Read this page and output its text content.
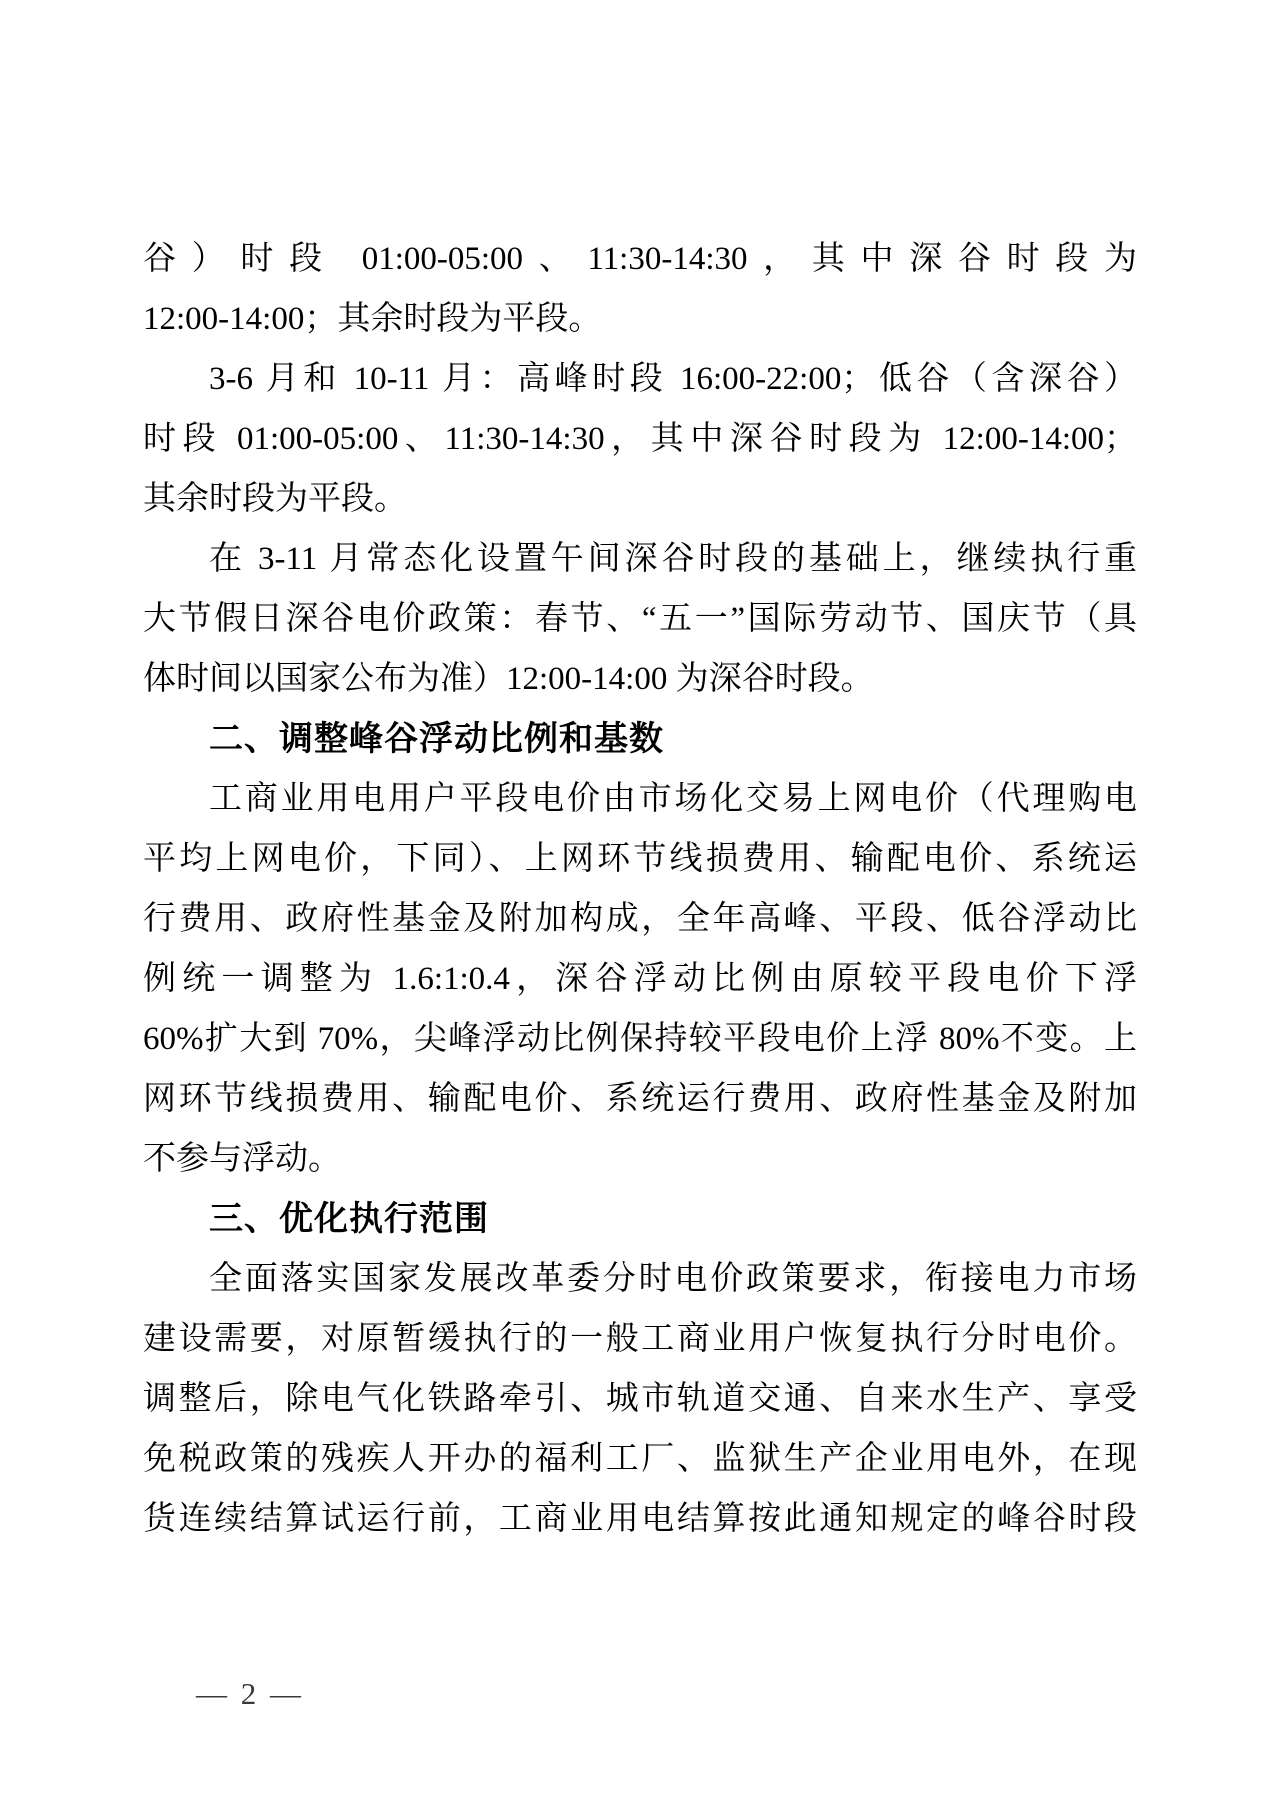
谷）时段 01:00-05:00、11:30-14:30，其中深谷时段为
12:00-14:00；其余时段为平段。
3-6 月和 10-11 月：高峰时段 16:00-22:00；低谷（含深谷）
时段 01:00-05:00、11:30-14:30，其中深谷时段为 12:00-14:00；
其余时段为平段。
在 3-11 月常态化设置午间深谷时段的基础上，继续执行重
大节假日深谷电价政策：春节、“五一”国际劳动节、国庆节（具
体时间以国家公布为准）12:00-14:00 为深谷时段。
二、调整峰谷浮动比例和基数
工商业用电用户平段电价由市场化交易上网电价（代理购电
平均上网电价，下同）、上网环节线损费用、输配电价、系统运
行费用、政府性基金及附加构成，全年高峰、平段、低谷浮动比
例统一调整为 1.6:1:0.4，深谷浮动比例由原较平段电价下浮
60%扩大到 70%，尖峰浮动比例保持较平段电价上浮 80%不变。上
网环节线损费用、输配电价、系统运行费用、政府性基金及附加
不参与浮动。
三、优化执行范围
全面落实国家发展改革委分时电价政策要求，衔接电力市场
建设需要，对原暂缓执行的一般工商业用户恢复执行分时电价。
调整后，除电气化铁路牵引、城市轨道交通、自来水生产、享受
免税政策的残疾人开办的福利工厂、监狱生产企业用电外，在现
货连续结算试运行前，工商业用电结算按此通知规定的峰谷时段
— 2 —
